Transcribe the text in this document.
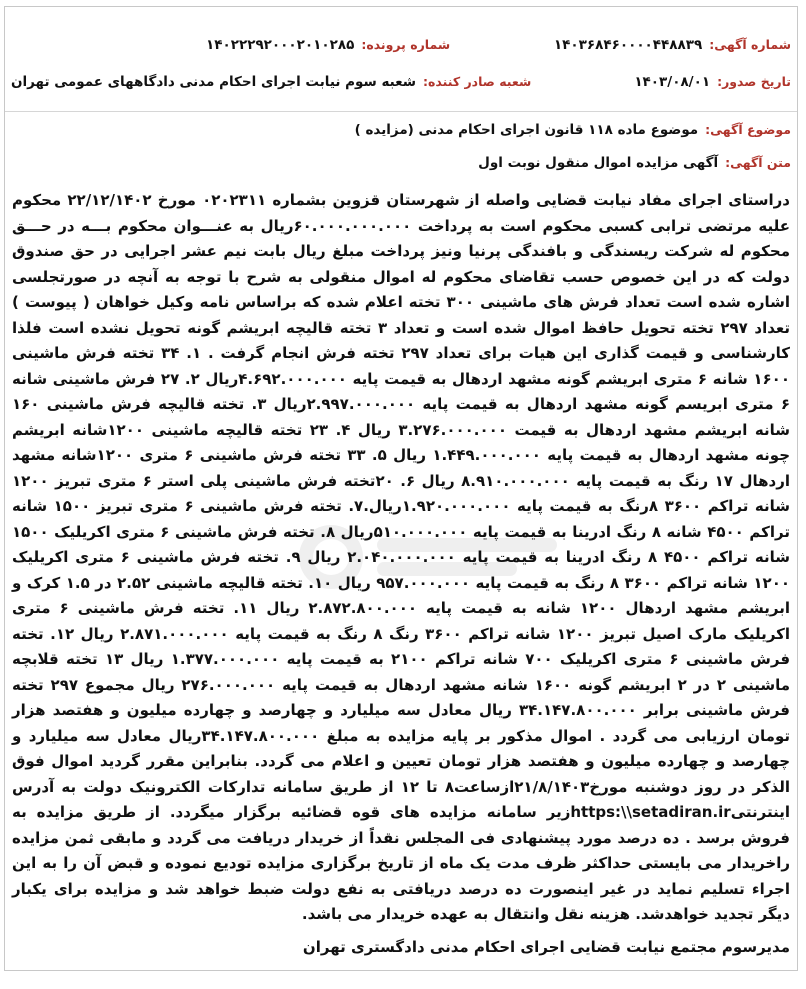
شماره آگهی:
۱۴۰۳۶۸۴۶۰۰۰۰۴۴۸۸۳۹
شماره پرونده:
۱۴۰۲۲۲۹۲۰۰۰۲۰۱۰۲۸۵
تاریخ صدور:
۱۴۰۳/۰۸/۰۱
شعبه صادر کننده:
شعبه سوم نیابت اجرای احکام مدنی دادگاههای عمومی تهران
موضوع آگهی:
موضوع ماده ۱۱۸ قانون اجرای احکام مدنی (مزایده )
متن آگهی:
آگهی مزایده اموال منقول نوبت اول

دراستای اجرای مفاد نیابت قضایی واصله از شهرستان قزوین بشماره ۰۲۰۲۳۱۱ مورخ ۲۲/۱۲/۱۴۰۲ محکوم علیه مرتضی ترابی کسبی محکوم است به پرداخت ۶۰.۰۰۰.۰۰۰.۰۰۰ریال به عنـــوان محکوم بـــه در حـــق محکوم له شرکت ریسندگی و بافندگی پرنیا ونیز پرداخت مبلغ ریال بابت نیم عشر اجرایی در حق صندوق دولت که در این خصوص حسب تقاضای محکوم له اموال منقولی به شرح با توجه به آنچه در صورتجلسی اشاره شده است تعداد فرش های ماشینی ۳۰۰ تخته اعلام شده که براساس نامه وکیل خواهان ( پیوست ) تعداد ۲۹۷ تخته تحویل حافظ اموال شده است و تعداد ۳ تخته قالیچه ابریشم گونه تحویل نشده است فلذا کارشناسی و قیمت گذاری این هیات برای تعداد ۲۹۷ تخته فرش انجام گرفت . ۱. ۳۴ تخته فرش ماشینی ۱۶۰۰ شانه ۶ متری ابریشم گونه مشهد اردهال به قیمت پایه ۴.۶۹۲.۰۰۰.۰۰۰ریال ۲. ۲۷ فرش ماشینی شانه ۶ متری ابریسم گونه مشهد اردهال به قیمت پایه ۲.۹۹۷.۰۰۰.۰۰۰ریال ۳. تخته قالیچه فرش ماشینی ۱۶۰ شانه ابریشم مشهد اردهال به قیمت ۳.۲۷۶.۰۰۰.۰۰۰ ریال ۴. ۲۳ تخته قالیچه ماشینی ۱۲۰۰شانه ابریشم چونه مشهد اردهال به قیمت پایه ۱.۴۴۹.۰۰۰.۰۰۰ ریال ۵. ۳۳ تخته فرش ماشینی ۶ متری ۱۲۰۰شانه مشهد اردهال ۱۷ رنگ به قیمت پایه ۸.۹۱۰.۰۰۰.۰۰۰ ریال ۶. ۲۰تخته فرش ماشینی پلی استر ۶ متری تبریز ۱۲۰۰ شانه تراکم ۳۶۰۰ ۸رنگ به قیمت پایه ۱.۹۲۰.۰۰۰.۰۰۰ریال.۷. تخته فرش ماشینی ۶ متری تبریز ۱۵۰۰ شانه تراکم ۴۵۰۰ شانه ۸ رنگ ادرینا به قیمت پایه ۵۱۰.۰۰۰.۰۰۰ریال ۸. تخته فرش ماشینی ۶ متری اکریلیک ۱۵۰۰ شانه تراکم ۴۵۰۰ ۸ رنگ ادرینا به قیمت پایه ۲.۰۴۰.۰۰۰.۰۰۰ ریال ۹. تخته فرش ماشینی ۶ متری اکریلیک ۱۲۰۰ شانه تراکم ۳۶۰۰ ۸ رنگ به قیمت پایه ۹۵۷.۰۰۰.۰۰۰ ریال ۱۰. تخته قالیچه ماشینی ۲.۵۲ در ۱.۵ کرک و ابریشم مشهد اردهال ۱۲۰۰ شانه به قیمت پایه ۲.۸۷۲.۸۰۰.۰۰۰ ریال ۱۱. تخته فرش ماشینی ۶ متری اکریلیک مارک اصیل تبریز ۱۲۰۰ شانه تراکم ۳۶۰۰ رنگ ۸ رنگ به قیمت پایه ۲.۸۷۱.۰۰۰.۰۰۰ ریال ۱۲. تخته فرش ماشینی ۶ متری اکریلیک ۷۰۰ شانه تراکم ۲۱۰۰ به قیمت پایه ۱.۳۷۷.۰۰۰.۰۰۰ ریال ۱۳ تخته قلابچه ماشینی ۲ در ۲ ابریشم گونه ۱۶۰۰ شانه مشهد اردهال به قیمت پایه ۲۷۶.۰۰۰.۰۰۰ ریال مجموع ۲۹۷ تخته فرش ماشینی برابر ۳۴.۱۴۷.۸۰۰.۰۰۰ ریال معادل سه میلیارد و چهارصد و چهارده میلیون و هفتصد هزار تومان ارزیابی می گردد . اموال مذکور بر پایه مزایده به مبلغ ۳۴.۱۴۷.۸۰۰.۰۰۰ریال معادل سه میلیارد و چهارصد و چهارده میلیون و هفتصد هزار تومان تعیین و اعلام می گردد. بنابراین مقرر گردید اموال فوق الذکر در روز دوشنبه مورخ۲۱/۸/۱۴۰۳ازساعت۸ تا ۱۲ از طریق سامانه تدارکات الکترونیک دولت به آدرس اینترنتیhttps:\\setadiran.irزیر سامانه مزایده های قوه قضائیه برگزار میگردد. از طریق مزایده به فروش برسد . ده درصد مورد پیشنهادی فی المجلس نقداً از خریدار دریافت می گردد و مابقی ثمن مزایده راخریدار می بایستی حداکثر ظرف مدت یک ماه از تاریخ برگزاری مزایده تودیع نموده و قبض آن را به این اجراء تسلیم نماید در غیر اینصورت ده درصد دریافتی به نفع دولت ضبط خواهد شد و مزایده برای یکبار دیگر تجدید خواهدشد. هزینه نقل وانتقال به عهده خریدار می باشد.

مدیرسوم مجتمع نیابت قضایی اجرای احکام مدنی دادگستری تهران
